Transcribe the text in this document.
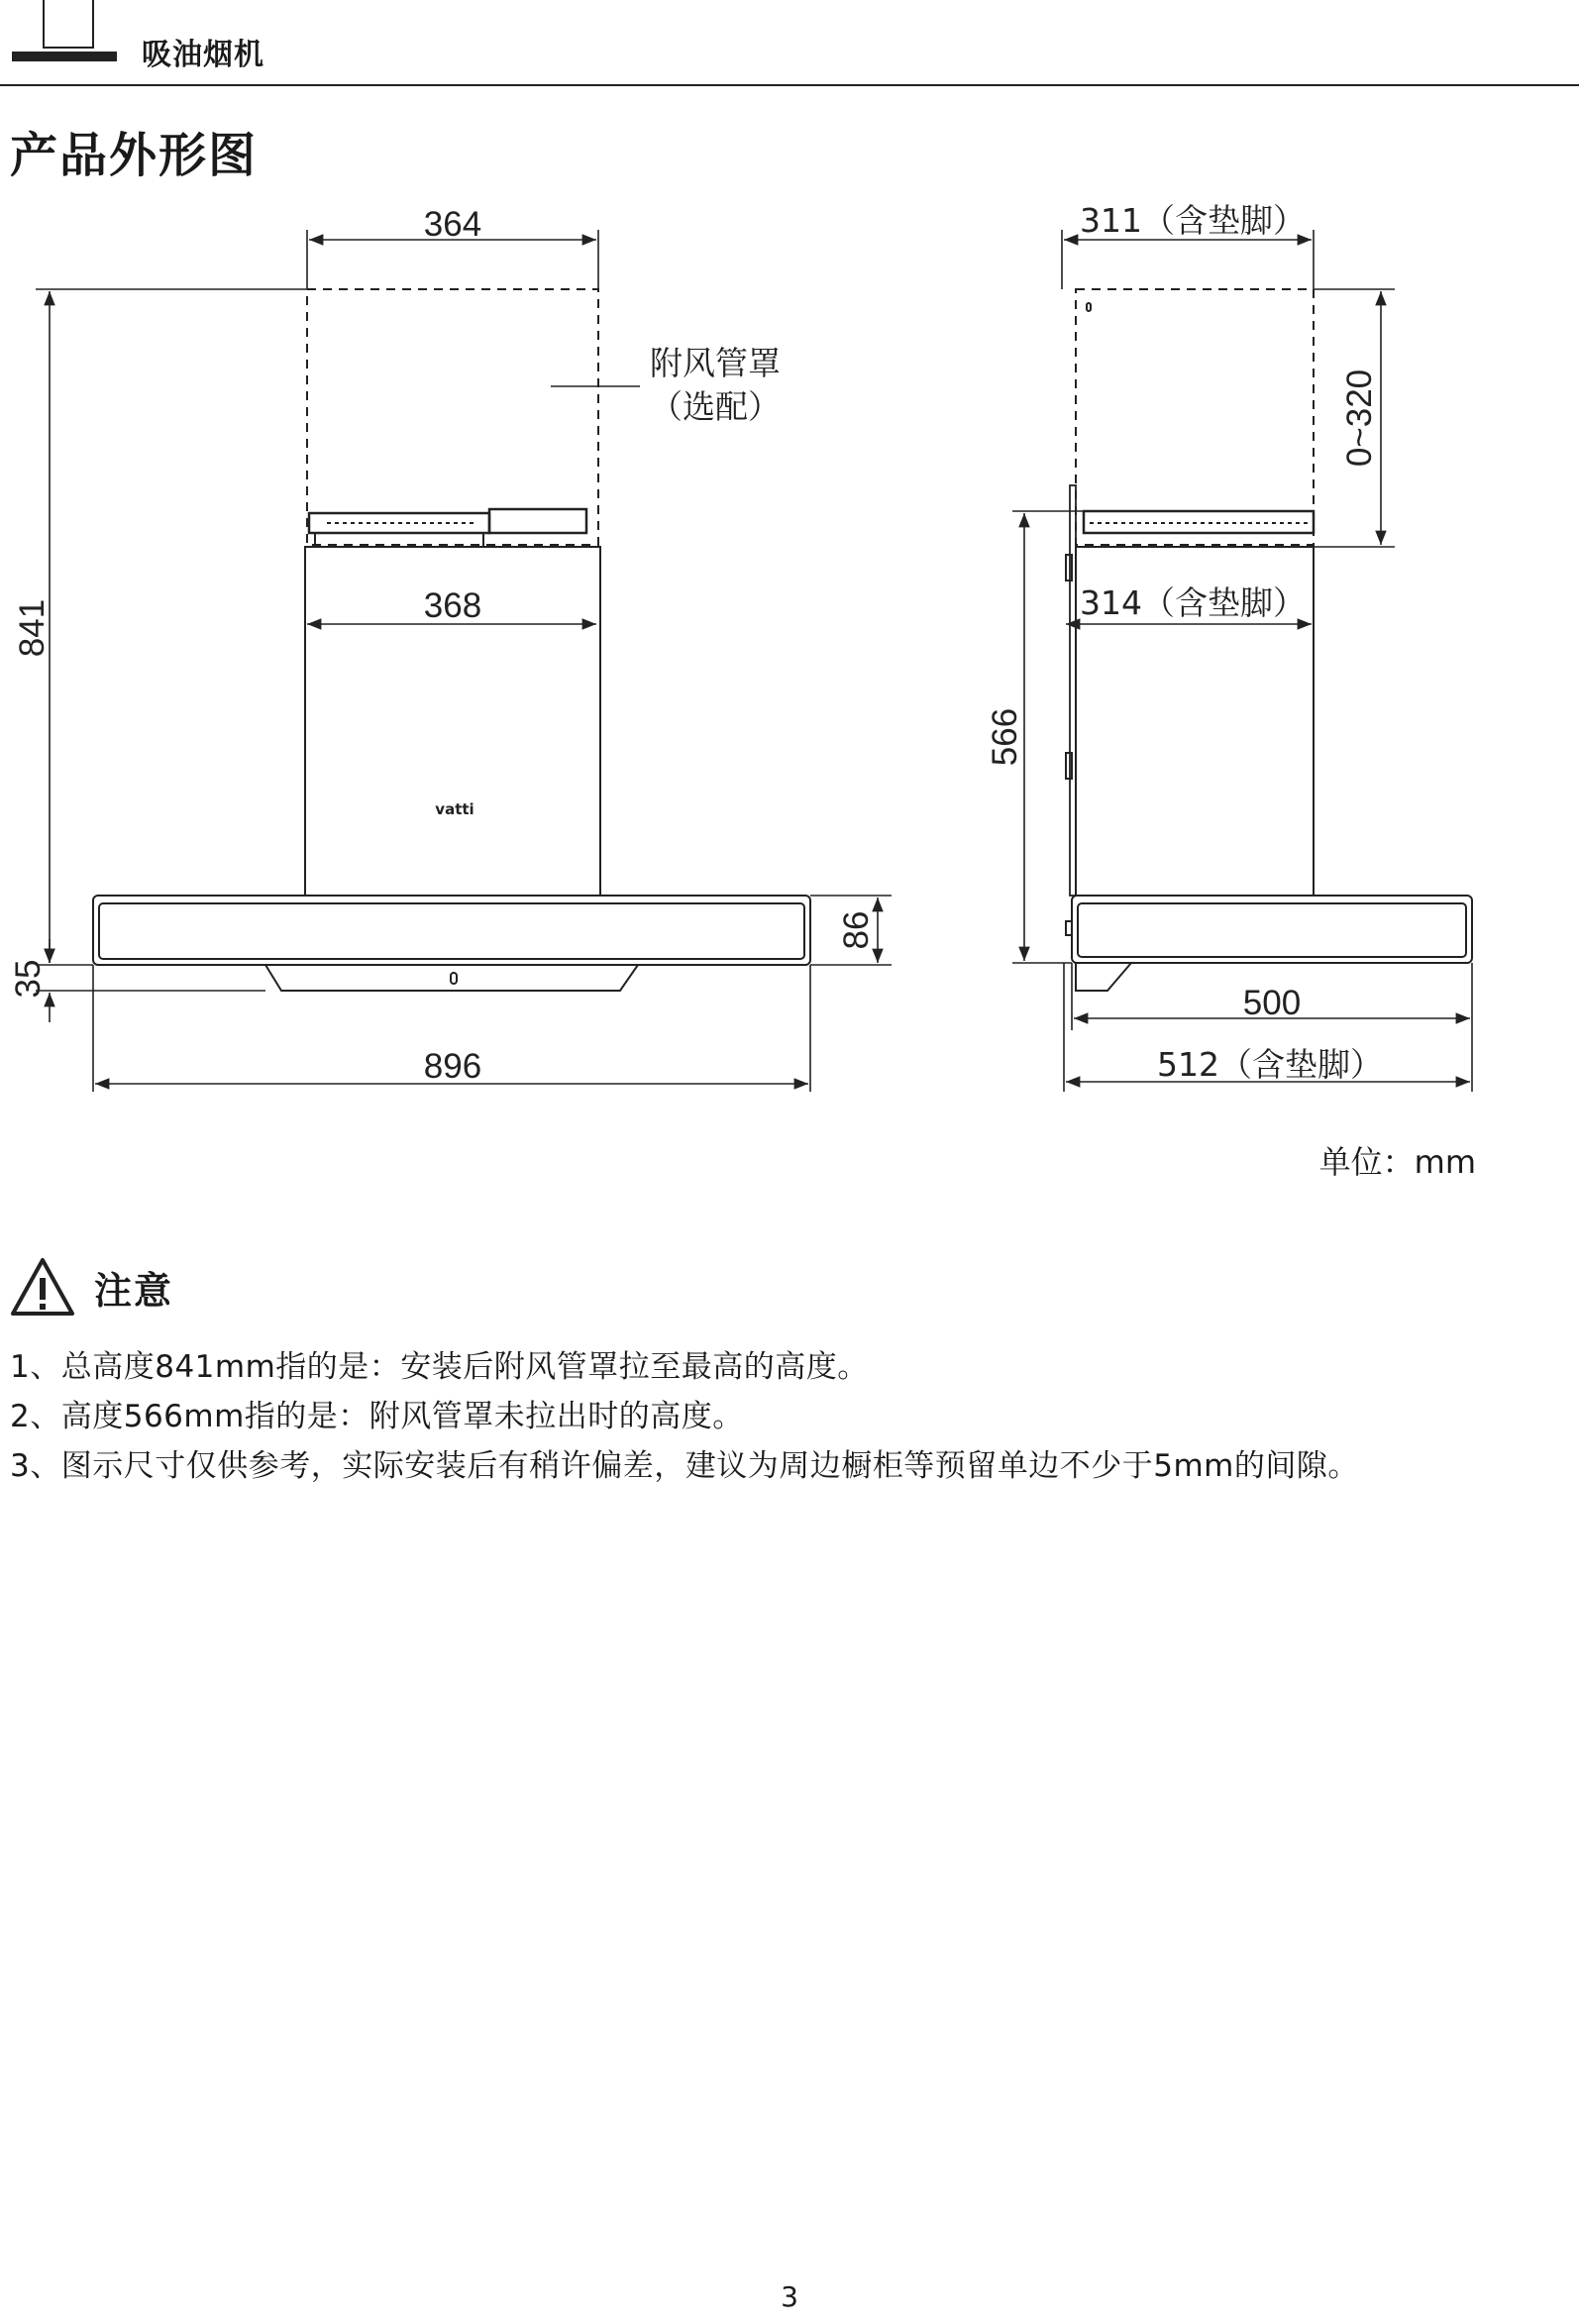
吸油烟机
产品外形图
364
附风管罩
（选配）
368
vatti
841
86
35
896
311（含垫脚）
0~320
314（含垫脚）
566
500
512（含垫脚）
单位：mm
注意
1、总高度841mm指的是：安装后附风管罩拉至最高的高度。
2、高度566mm指的是：附风管罩未拉出时的高度。
3、图示尺寸仅供参考，实际安装后有稍许偏差，建议为周边橱柜等预留单边不少于5mm的间隙。
3
